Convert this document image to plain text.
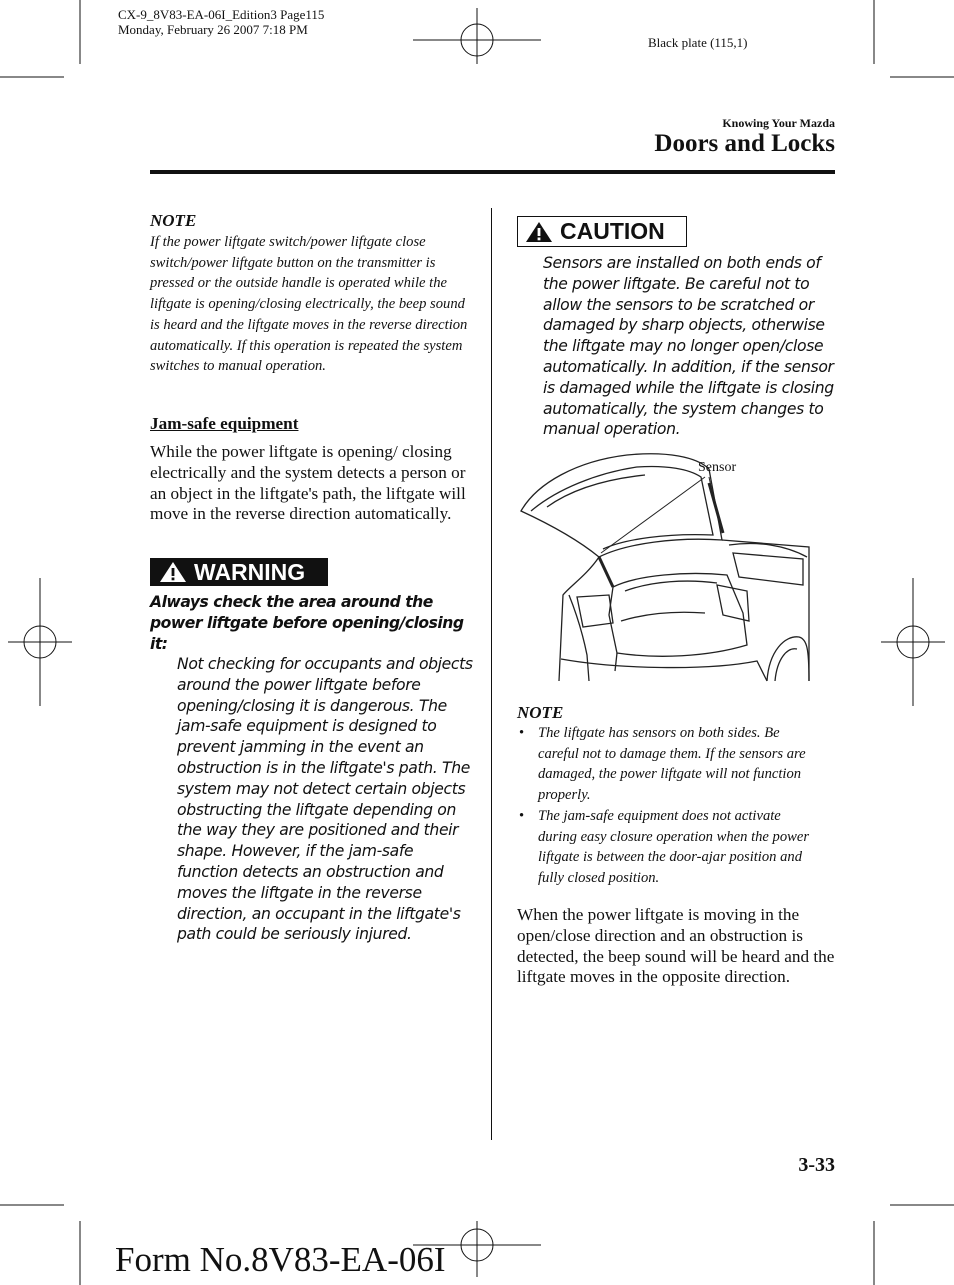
CX-9_8V83-EA-06I_Edition3 Page115
Monday, February 26 2007 7:18 PM
Black plate (115,1)
Knowing Your Mazda
Doors and Locks
NOTE
If the power liftgate switch/power liftgate close switch/power liftgate button on the transmitter is pressed or the outside handle is operated while the liftgate is opening/closing electrically, the beep sound is heard and the liftgate moves in the reverse direction automatically. If this operation is repeated the system switches to manual operation.
Jam-safe equipment
While the power liftgate is opening/ closing electrically and the system detects a person or an object in the liftgate's path, the liftgate will move in the reverse direction automatically.
WARNING
Always check the area around the power liftgate before opening/closing it:
Not checking for occupants and objects around the power liftgate before opening/closing it is dangerous. The jam-safe equipment is designed to prevent jamming in the event an obstruction is in the liftgate's path. The system may not detect certain objects obstructing the liftgate depending on the way they are positioned and their shape. However, if the jam-safe function detects an obstruction and moves the liftgate in the reverse direction, an occupant in the liftgate's path could be seriously injured.
CAUTION
Sensors are installed on both ends of the power liftgate. Be careful not to allow the sensors to be scratched or damaged by sharp objects, otherwise the liftgate may no longer open/close automatically. In addition, if the sensor is damaged while the liftgate is closing automatically, the system changes to manual operation.
Sensor
NOTE
• The liftgate has sensors on both sides. Be careful not to damage them. If the sensors are damaged, the power liftgate will not function properly.
• The jam-safe equipment does not activate during easy closure operation when the power liftgate is between the door-ajar position and fully closed position.
When the power liftgate is moving in the open/close direction and an obstruction is detected, the beep sound will be heard and the liftgate moves in the opposite direction.
3-33
Form No.8V83-EA-06I
